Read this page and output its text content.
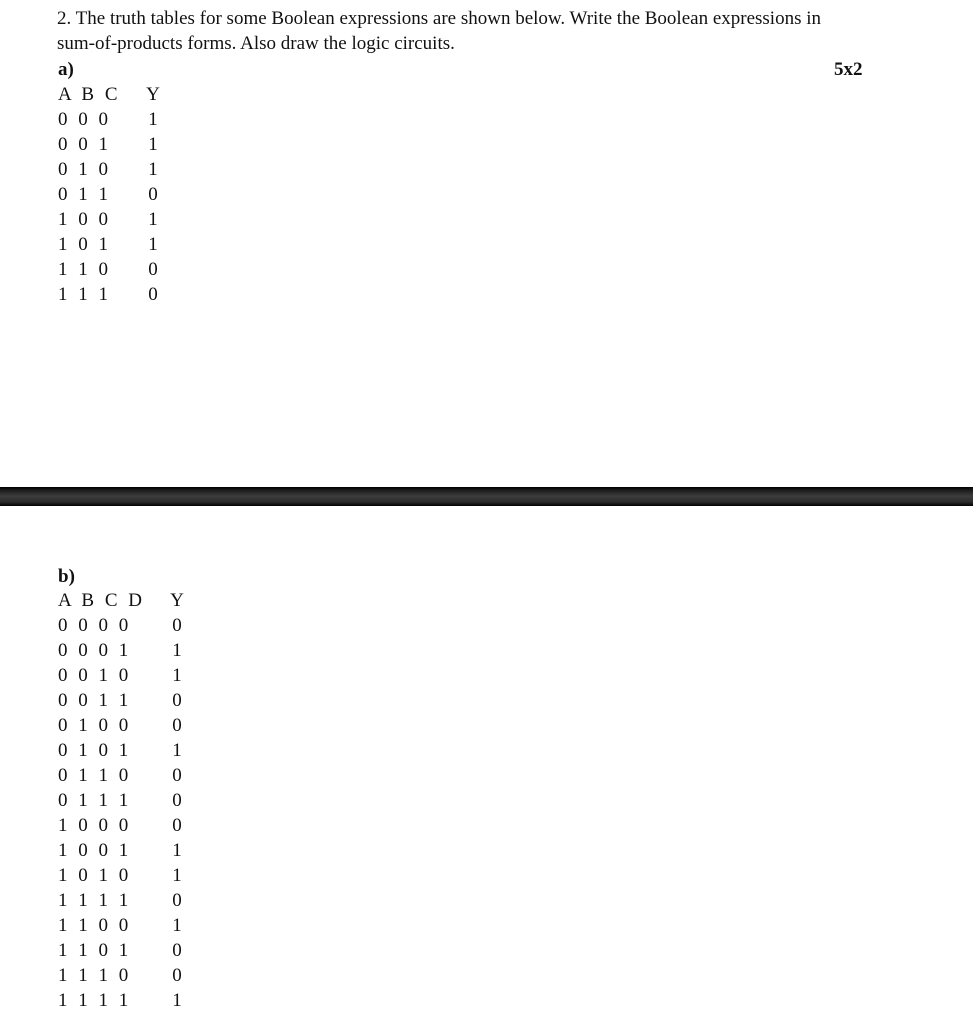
2. The truth tables for some Boolean expressions are shown below. Write the Boolean expressions in
sum-of-products forms. Also draw the logic circuits.
5x2
a)
A B C	Y
0 0 0	1
0 0 1	1
0 1 0	1
0 1 1	0
1 0 0	1
1 0 1	1
1 1 0	0
1 1 1	0
b)
A B C D	Y
0 0 0 0	0
0 0 0 1	1
0 0 1 0	1
0 0 1 1	0
0 1 0 0	0
0 1 0 1	1
0 1 1 0	0
0 1 1 1	0
1 0 0 0	0
1 0 0 1	1
1 0 1 0	1
1 1 1 1	0
1 1 0 0	1
1 1 0 1	0
1 1 1 0	0
1 1 1 1	1
